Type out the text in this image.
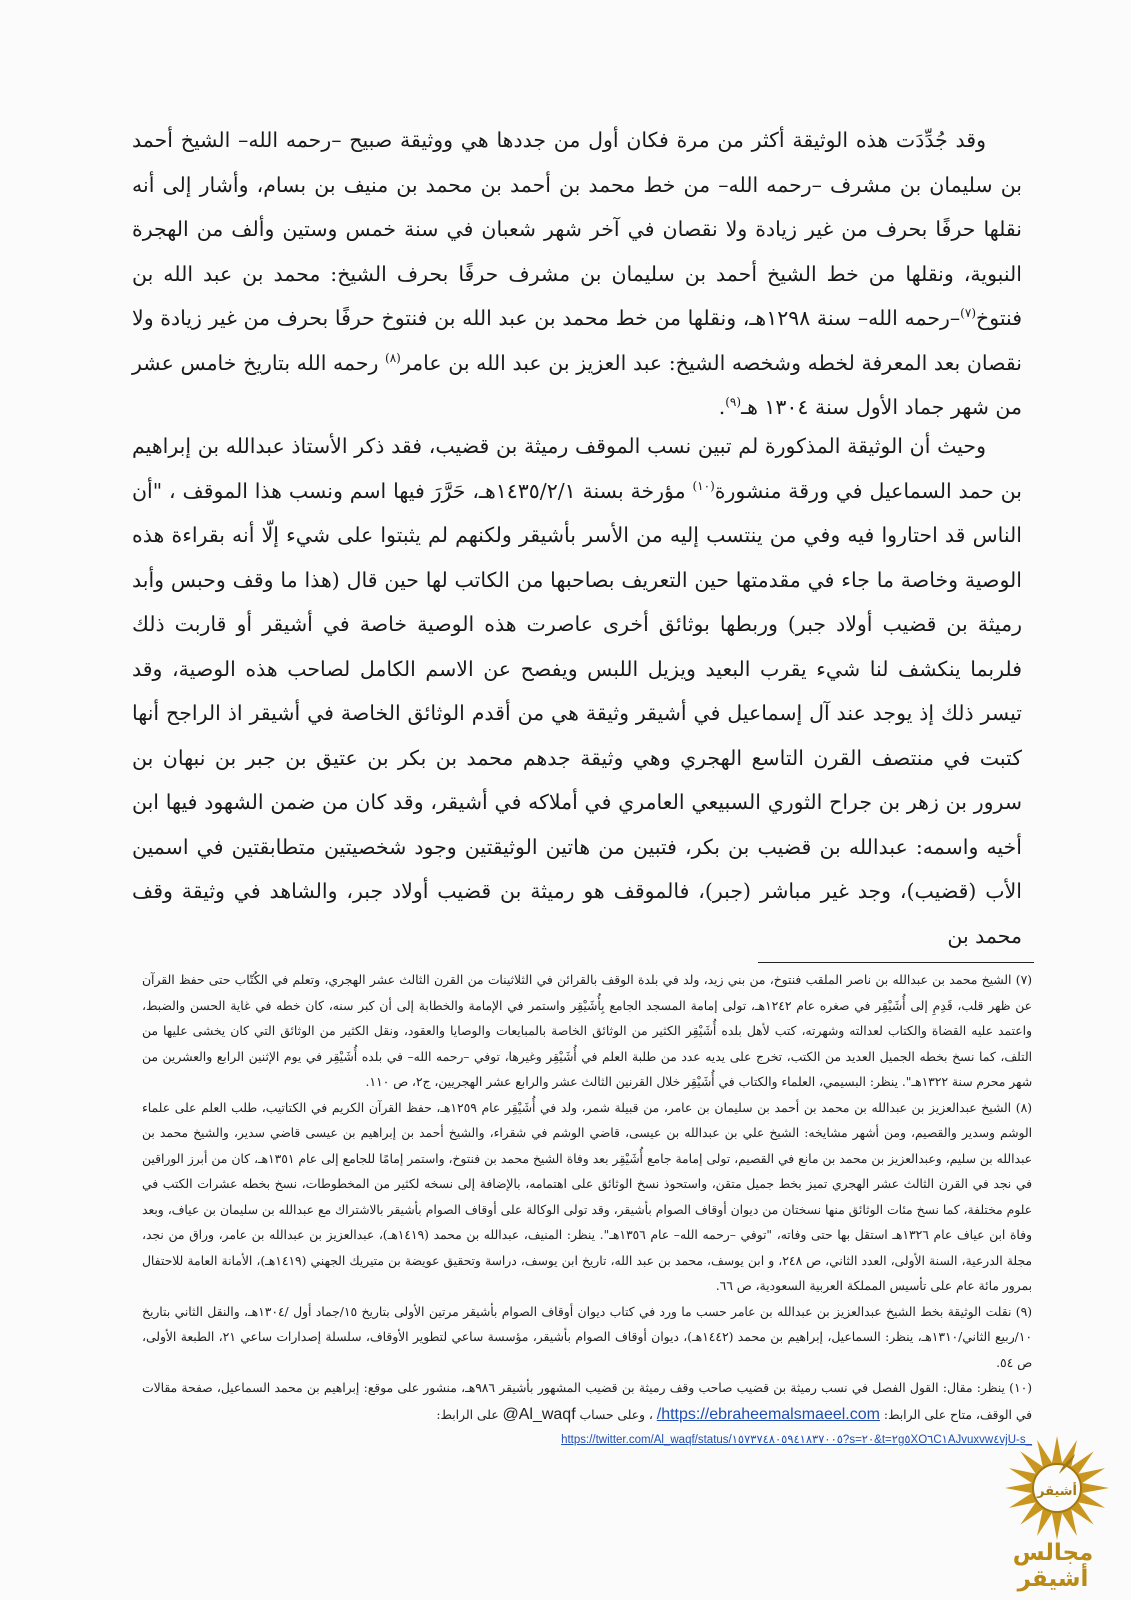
وقد جُدِّدَت هذه الوثيقة أكثر من مرة فكان أول من جددها هي ووثيقة صبيح –رحمه الله– الشيخ أحمد بن سليمان بن مشرف –رحمه الله– من خط محمد بن أحمد بن محمد بن منيف بن بسام، وأشار إلى أنه نقلها حرفًا بحرف من غير زيادة ولا نقصان في آخر شهر شعبان في سنة خمس وستين وألف من الهجرة النبوية، ونقلها من خط الشيخ أحمد بن سليمان بن مشرف حرفًا بحرف الشيخ: محمد بن عبد الله بن فنتوخ$^{(٧)}$–رحمه الله– سنة ١٢٩٨هـ، ونقلها من خط محمد بن عبد الله بن فنتوخ حرفًا بحرف من غير زيادة ولا نقصان بعد المعرفة لخطه وشخصه الشيخ: عبد العزيز بن عبد الله بن عامر$^{(٨)}$ رحمه الله بتاريخ خامس عشر من شهر جماد الأول سنة ١٣٠٤ هـ$^{(٩)}$.

وحيث أن الوثيقة المذكورة لم تبين نسب الموقف رميثة بن قضيب، فقد ذكر الأستاذ عبدالله بن إبراهيم بن حمد السماعيل في ورقة منشورة$^{(١٠)}$ مؤرخة بسنة ١٤٣٥/٢/١هـ، حَرَّرَ فيها اسم ونسب هذا الموقف ، "أن الناس قد احتاروا فيه وفي من ينتسب إليه من الأسر بأشيقر ولكنهم لم يثبتوا على شيء إلّا أنه بقراءة هذه الوصية وخاصة ما جاء في مقدمتها حين التعريف بصاحبها من الكاتب لها حين قال (هذا ما وقف وحبس وأبد رميثة بن قضيب أولاد جبر) وربطها بوثائق أخرى عاصرت هذه الوصية خاصة في أشيقر أو قاربت ذلك فلربما ينكشف لنا شيء يقرب البعيد ويزيل اللبس ويفصح عن الاسم الكامل لصاحب هذه الوصية، وقد تيسر ذلك إذ يوجد عند آل إسماعيل في أشيقر وثيقة هي من أقدم الوثائق الخاصة في أشيقر اذ الراجح أنها كتبت في منتصف القرن التاسع الهجري وهي وثيقة جدهم محمد بن بكر بن عتيق بن جبر بن نبهان بن سرور بن زهر بن جراح الثوري السبيعي العامري في أملاكه في أشيقر، وقد كان من ضمن الشهود فيها ابن أخيه واسمه: عبدالله بن قضيب بن بكر، فتبين من هاتين الوثيقتين وجود شخصيتين متطابقتين في اسمين الأب (قضيب)، وجد غير مباشر (جبر)، فالموقف هو رميثة بن قضيب أولاد جبر، والشاهد في وثيقة وقف محمد بن

(٧) الشيخ محمد بن عبدالله بن ناصر الملقب فنتوخ، من بني زيد، ولد في بلدة الوقف بالقرائن في الثلاثينات من القرن الثالث عشر الهجري، وتعلم في الكُتّاب حتى حفظ القرآن عن ظهر قلب، قَدِمِ إلى أُشَيْقِر في صغره عام ١٢٤٢هـ، تولى إمامة المسجد الجامع بِأُشَيْقِر واستمر في الإمامة والخطابة إلى أن كبر سنه، كان خطه في غاية الحسن والضبط، واعتمد عليه القضاة والكتاب لعدالته وشهرته، كتب لأهل بلده أُشَيْقِر الكثير من الوثائق الخاصة بالمبايعات والوصايا والعقود، ونقل الكثير من الوثائق التي كان يخشى عليها من التلف، كما نسخ بخطه الجميل العديد من الكتب، تخرج على يديه عدد من طلبة العلم في أُشَيْقِر وغيرها، توفي –رحمه الله– في بلده أُشَيْقِر في يوم الإثنين الرابع والعشرين من شهر محرم سنة ١٣٢٢هـ". ينظر: البسيمي، العلماء والكتاب في أُشَيْقِر خلال القرنين الثالث عشر والرابع عشر الهجريين، ج٢، ص ١١٠.

(٨) الشيخ عبدالعزيز بن عبدالله بن محمد بن أحمد بن سليمان بن عامر، من قبيلة شمر، ولد في أُشَيْقِر عام ١٢٥٩هـ، حفظ القرآن الكريم في الكتاتيب، طلب العلم على علماء الوشم وسدير والقصيم، ومن أشهر مشايخه: الشيخ علي بن عبدالله بن عيسى، قاضي الوشم في شقراء، والشيخ أحمد بن إبراهيم بن عيسى قاضي سدير، والشيخ محمد بن عبدالله بن سليم، وعبدالعزيز بن محمد بن مانع في القصيم، تولى إمامة جامع أُشَيْقِر بعد وفاة الشيخ محمد بن فنتوخ، واستمر إمامًا للجامع إلى عام ١٣٥١هـ، كان من أبرز الوراقين في نجد في القرن الثالث عشر الهجري تميز بخط جميل متقن، واستحوذ نسخ الوثائق على اهتمامه، بالإضافة إلى نسخه لكثير من المخطوطات، نسخ بخطه عشرات الكتب في علوم مختلفة، كما نسخ مئات الوثائق منها نسختان من ديوان أوقاف الصوام بأشيقر، وقد تولى الوكالة على أوقاف الصوام بأشيقر بالاشتراك مع عبدالله بن سليمان بن عياف، وبعد وفاة ابن عياف عام ١٣٢٦هـ استقل بها حتى وفاته، "توفي –رحمه الله– عام ١٣٥٦هـ". ينظر: المنيف، عبدالله بن محمد (١٤١٩هـ)، عبدالعزيز بن عبدالله بن عامر، وراق من نجد، مجلة الدرعية، السنة الأولى، العدد الثاني، ص ٢٤٨، و ابن يوسف، محمد بن عبد الله، تاريخ ابن يوسف، دراسة وتحقيق عويضة بن متيريك الجهني (١٤١٩هـ)، الأمانة العامة للاحتفال بمرور مائة عام على تأسيس المملكة العربية السعودية، ص ٦٦.

(٩) نقلت الوثيقة بخط الشيخ عبدالعزيز بن عبدالله بن عامر حسب ما ورد في كتاب ديوان أوقاف الصوام بأشيقر مرتين الأولى بتاريخ ١٥/جماد أول /١٣٠٤هـ، والنقل الثاني بتاريخ ١٠/ربيع الثاني/١٣١٠هـ، ينظر: السماعيل، إبراهيم بن محمد (١٤٤٢هـ)، ديوان أوقاف الصوام بأشيقر، مؤسسة ساعي لتطوير الأوقاف، سلسلة إصدارات ساعي ٢١، الطبعة الأولى، ص ٥٤.

(١٠) ينظر: مقال: القول الفصل في نسب رميثة بن قضيب صاحب وقف رميثة بن قضيب المشهور بأشيقر ٩٨٦هـ، منشور على موقع: إبراهيم بن محمد السماعيل، صفحة مقالات في الوقف، متاح على الرابط: https://ebraheemalsmaeel.com/ ، وعلى حساب @Al_waqf على الرابط:

https://twitter.com/Al_waqf/status/١٥٧٣٧٤٨٠٥٩٤١٨٣٧٠٠٥?s=٢٠&t=٢g٥XO٦C١AJvuxvw٤vjU-s_

أشيقر
مجالس أشيقر
